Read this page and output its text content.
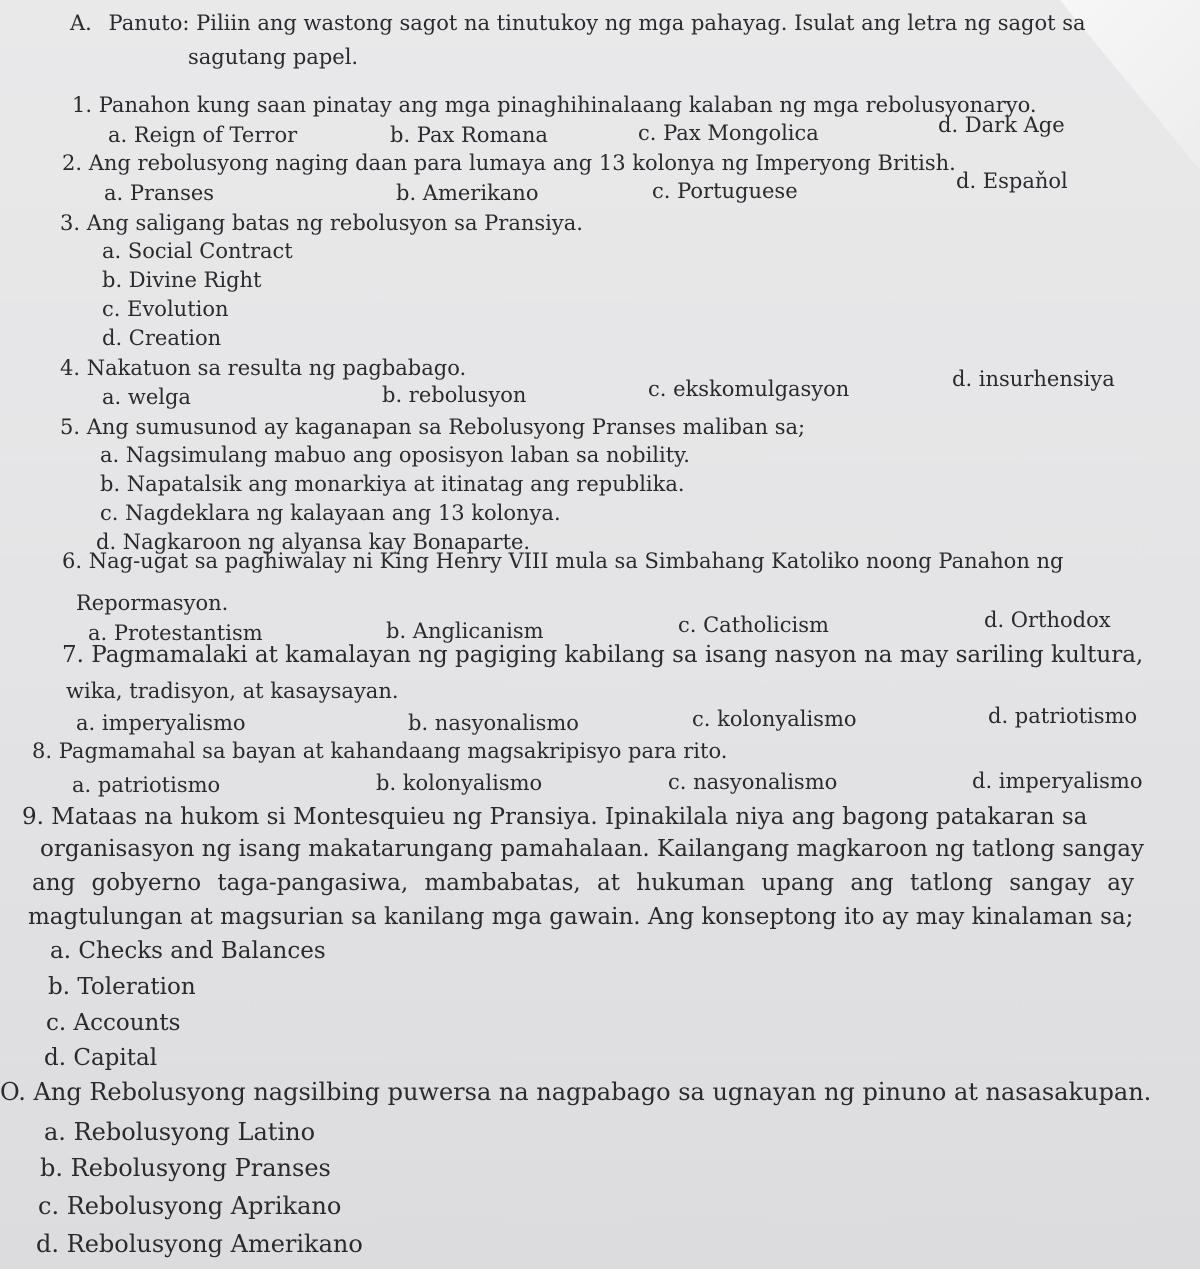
A. Panuto: Piliin ang wastong sagot na tinutukoy ng mga pahayag. Isulat ang letra ng sagot sa
sagutang papel.
1. Panahon kung saan pinatay ang mga pinaghihinalaang kalaban ng mga rebolusyonaryo.
a. Reign of Terror	b. Pax Romana	c. Pax Mongolica	d. Dark Age
2. Ang rebolusyong naging daan para lumaya ang 13 kolonya ng Imperyong British.
a. Pranses	b. Amerikano	c. Portuguese	d. Espaňol
3. Ang saligang batas ng rebolusyon sa Pransiya.
a. Social Contract
b. Divine Right
c. Evolution
d. Creation
4. Nakatuon sa resulta ng pagbabago.
a. welga	b. rebolusyon	c. ekskomulgasyon	d. insurhensiya
5. Ang sumusunod ay kaganapan sa Rebolusyong Pranses maliban sa;
a. Nagsimulang mabuo ang oposisyon laban sa nobility.
b. Napatalsik ang monarkiya at itinatag ang republika.
c. Nagdeklara ng kalayaan ang 13 kolonya.
d. Nagkaroon ng alyansa kay Bonaparte.
6. Nag-ugat sa paghiwalay ni King Henry VIII mula sa Simbahang Katoliko noong Panahon ng
Repormasyon.
a. Protestantism	b. Anglicanism	c. Catholicism	d. Orthodox
7. Pagmamalaki at kamalayan ng pagiging kabilang sa isang nasyon na may sariling kultura,
wika, tradisyon, at kasaysayan.
a. imperyalismo	b. nasyonalismo	c. kolonyalismo	d. patriotismo
8. Pagmamahal sa bayan at kahandaang magsakripisyo para rito.
a. patriotismo	b. kolonyalismo	c. nasyonalismo	d. imperyalismo
9. Mataas na hukom si Montesquieu ng Pransiya. Ipinakilala niya ang bagong patakaran sa
organisasyon ng isang makatarungang pamahalaan. Kailangang magkaroon ng tatlong sangay
ang gobyerno taga-pangasiwa, mambabatas, at hukuman upang ang tatlong sangay ay
magtulungan at magsurian sa kanilang mga gawain. Ang konseptong ito ay may kinalaman sa;
a. Checks and Balances
b. Toleration
c. Accounts
d. Capital
O. Ang Rebolusyong nagsilbing puwersa na nagpabago sa ugnayan ng pinuno at nasasakupan.
a. Rebolusyong Latino
b. Rebolusyong Pranses
c. Rebolusyong Aprikano
d. Rebolusyong Amerikano
